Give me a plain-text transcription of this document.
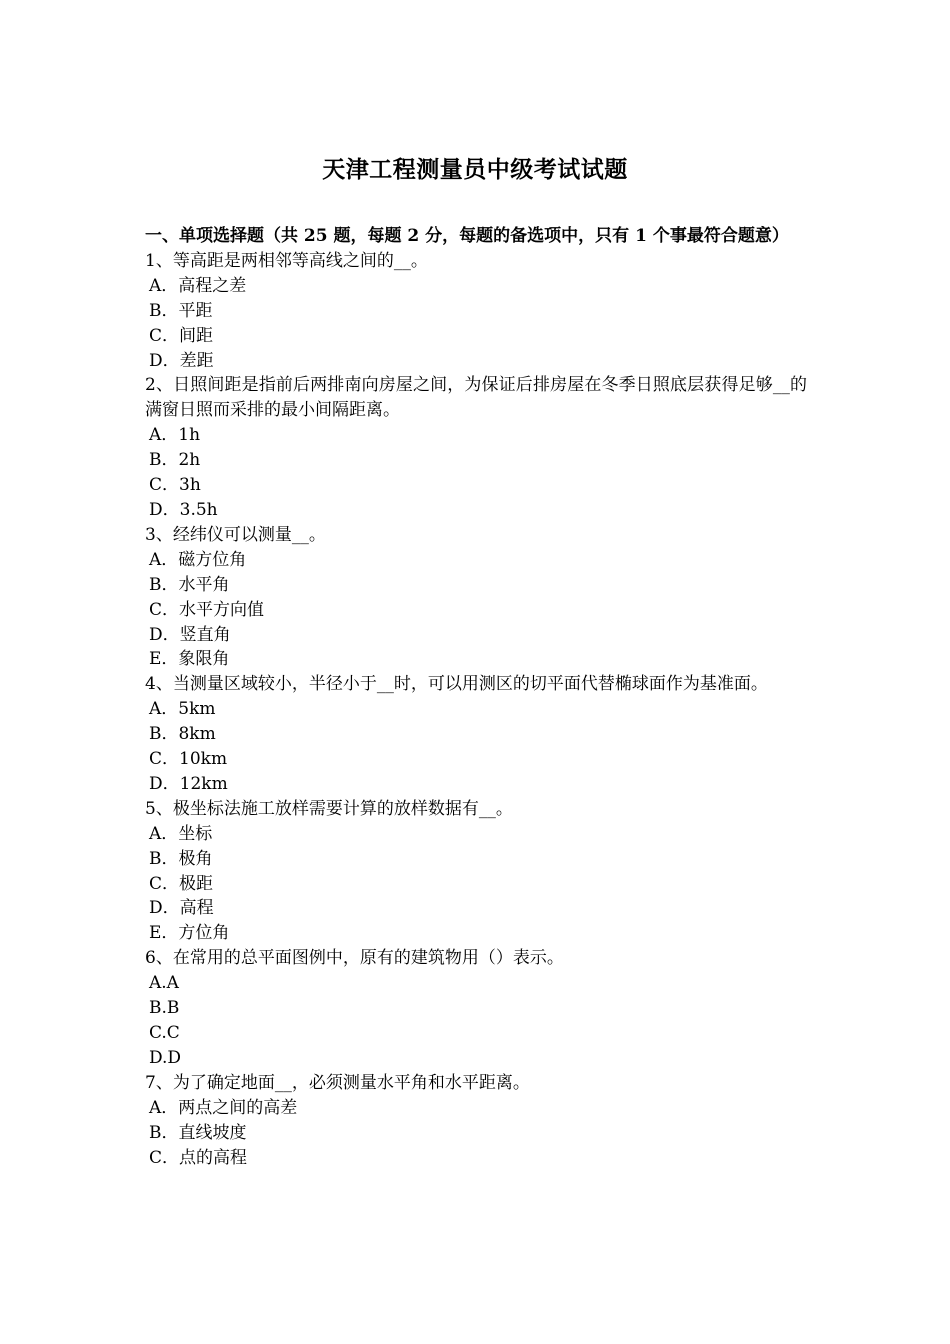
天津工程测量员中级考试试题

一、单项选择题（共 25 题，每题 2 分，每题的备选项中，只有 1 个事最符合题意）

1、等高距是两相邻等高线之间的__。
A．高程之差
B．平距
C．间距
D．差距
2、日照间距是指前后两排南向房屋之间，为保证后排房屋在冬季日照底层获得足够__的满窗日照而采排的最小间隔距离。
A．1h
B．2h
C．3h
D．3.5h
3、经纬仪可以测量__。
A．磁方位角
B．水平角
C．水平方向值
D．竖直角
E．象限角
4、当测量区域较小，半径小于__时，可以用测区的切平面代替椭球面作为基准面。
A．5km
B．8km
C．10km
D．12km
5、极坐标法施工放样需要计算的放样数据有__。
A．坐标
B．极角
C．极距
D．高程
E．方位角
6、在常用的总平面图例中，原有的建筑物用（）表示。
A.A
B.B
C.C
D.D
7、为了确定地面__，必须测量水平角和水平距离。
A．两点之间的高差
B．直线坡度
C．点的高程
